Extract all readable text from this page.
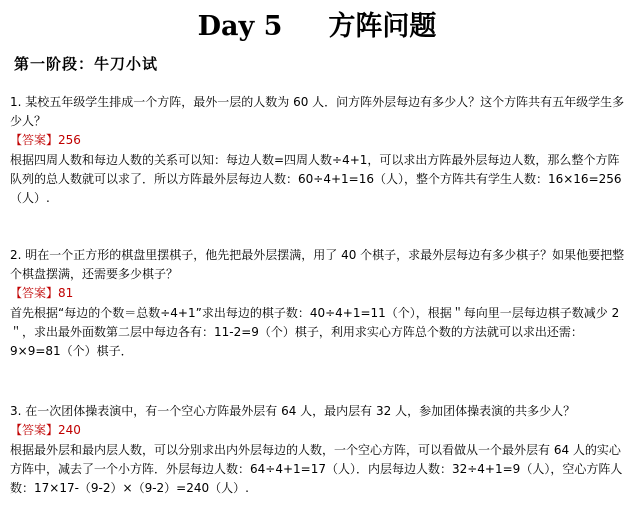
Day 5 方阵问题
第一阶段：牛刀小试

1. 某校五年级学生排成一个方阵，最外一层的人数为 60 人．问方阵外层每边有多少人？这个方阵共有五年级学生多少人？

【答案】256

根据四周人数和每边人数的关系可以知：每边人数=四周人数÷4+1，可以求出方阵最外层每边人数，那么整个方阵队列的总人数就可以求了．所以方阵最外层每边人数：60÷4+1=16（人），整个方阵共有学生人数：16×16=256（人）.

2. 明在一个正方形的棋盘里摆棋子，他先把最外层摆满，用了 40 个棋子，求最外层每边有多少棋子？如果他要把整个棋盘摆满，还需要多少棋子？

【答案】81

首先根据“每边的个数＝总数÷4+1”求出每边的棋子数：40÷4+1=11（个），根据＂每向里一层每边棋子数减少 2＂，求出最外面数第二层中每边各有：11-2=9（个）棋子，利用求实心方阵总个数的方法就可以求出还需：9×9=81（个）棋子．

3. 在一次团体操表演中，有一个空心方阵最外层有 64 人，最内层有 32 人，参加团体操表演的共多少人？

【答案】240

根据最外层和最内层人数，可以分别求出内外层每边的人数，一个空心方阵，可以看做从一个最外层有 64 人的实心方阵中，减去了一个小方阵．外层每边人数：64÷4+1=17（人）．内层每边人数：32÷4+1=9（人），空心方阵人数：17×17-（9-2）×（9-2）=240（人）.
